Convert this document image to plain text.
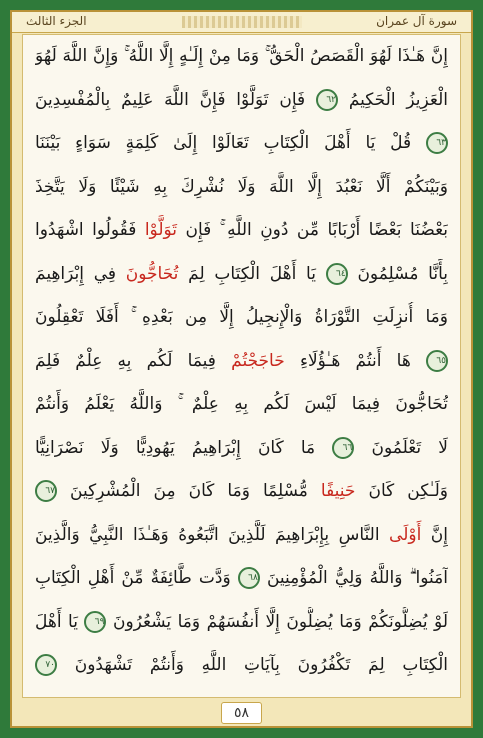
الجزء الثالث	سورة آل عمران
إِنَّ هَـٰذَا لَهُوَ الْقَصَصُ الْحَقُّ ۚ وَمَا مِنْ إِلَـٰهٍ إِلَّا اللَّهُ ۚ وَإِنَّ اللَّهَ لَهُوَ
الْعَزِيزُ الْحَكِيمُ ٦٢ فَإِن تَوَلَّوْا فَإِنَّ اللَّهَ عَلِيمٌ بِالْمُفْسِدِينَ
٦٣ قُلْ يَا أَهْلَ الْكِتَابِ تَعَالَوْا إِلَىٰ كَلِمَةٍ سَوَاءٍ بَيْنَنَا
وَبَيْنَكُمْ أَلَّا نَعْبُدَ إِلَّا اللَّهَ وَلَا نُشْرِكَ بِهِ شَيْئًا وَلَا يَتَّخِذَ
بَعْضُنَا بَعْضًا أَرْبَابًا مِّن دُونِ اللَّهِ ۚ فَإِن تَوَلَّوْا فَقُولُوا اشْهَدُوا
بِأَنَّا مُسْلِمُونَ ٦٤ يَا أَهْلَ الْكِتَابِ لِمَ تُحَاجُّونَ فِي إِبْرَاهِيمَ
وَمَا أُنزِلَتِ التَّوْرَاةُ وَالْإِنجِيلُ إِلَّا مِن بَعْدِهِ ۚ أَفَلَا تَعْقِلُونَ
٦٥ هَا أَنتُمْ هَـٰؤُلَاءِ حَاجَجْتُمْ فِيمَا لَكُم بِهِ عِلْمٌ فَلِمَ
تُحَاجُّونَ فِيمَا لَيْسَ لَكُم بِهِ عِلْمٌ ۚ وَاللَّهُ يَعْلَمُ وَأَنتُمْ
لَا تَعْلَمُونَ ٦٦ مَا كَانَ إِبْرَاهِيمُ يَهُودِيًّا وَلَا نَصْرَانِيًّا
وَلَـٰكِن كَانَ حَنِيفًا مُّسْلِمًا وَمَا كَانَ مِنَ الْمُشْرِكِينَ ٦٧
إِنَّ أَوْلَى النَّاسِ بِإِبْرَاهِيمَ لَلَّذِينَ اتَّبَعُوهُ وَهَـٰذَا النَّبِيُّ وَالَّذِينَ
آمَنُوا ۗ وَاللَّهُ وَلِيُّ الْمُؤْمِنِينَ ٦٨ وَدَّت طَّائِفَةٌ مِّنْ أَهْلِ الْكِتَابِ
لَوْ يُضِلُّونَكُمْ وَمَا يُضِلُّونَ إِلَّا أَنفُسَهُمْ وَمَا يَشْعُرُونَ ٦٩ يَا أَهْلَ
الْكِتَابِ لِمَ تَكْفُرُونَ بِآيَاتِ اللَّهِ وَأَنتُمْ تَشْهَدُونَ ٧٠
٥٨
